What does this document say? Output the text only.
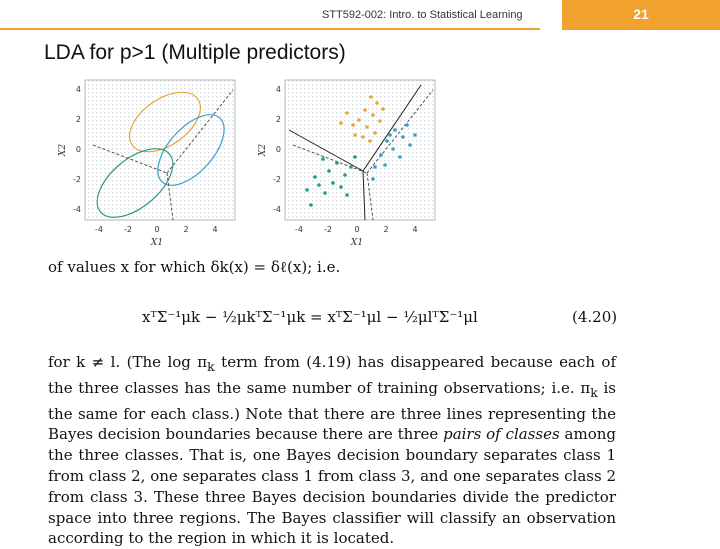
STT592-002: Intro. to Statistical Learning	21
LDA for p>1 (Multiple predictors)
-4	-2	0	2	4
4
2
0
-2
-4
X1
X2
-4	-2	0	2	4
4
2
0
-2
-4
X1
X2
of values x for which δk(x) = δℓ(x); i.e.
xᵀΣ⁻¹μk − ½μkᵀΣ⁻¹μk = xᵀΣ⁻¹μl − ½μlᵀΣ⁻¹μl	(4.20)
for k ≠ l. (The $\log \pi_k$ term from (4.19) has disappeared because each of the three classes has the same number of training observations; i.e. $\pi_k$ is the same for each class.) Note that there are three lines representing the Bayes decision boundaries because there are three pairs of classes among the three classes. That is, one Bayes decision boundary separates class 1 from class 2, one separates class 1 from class 3, and one separates class 2 from class 3. These three Bayes decision boundaries divide the predictor space into three regions. The Bayes classifier will classify an observation according to the region in which it is located.
